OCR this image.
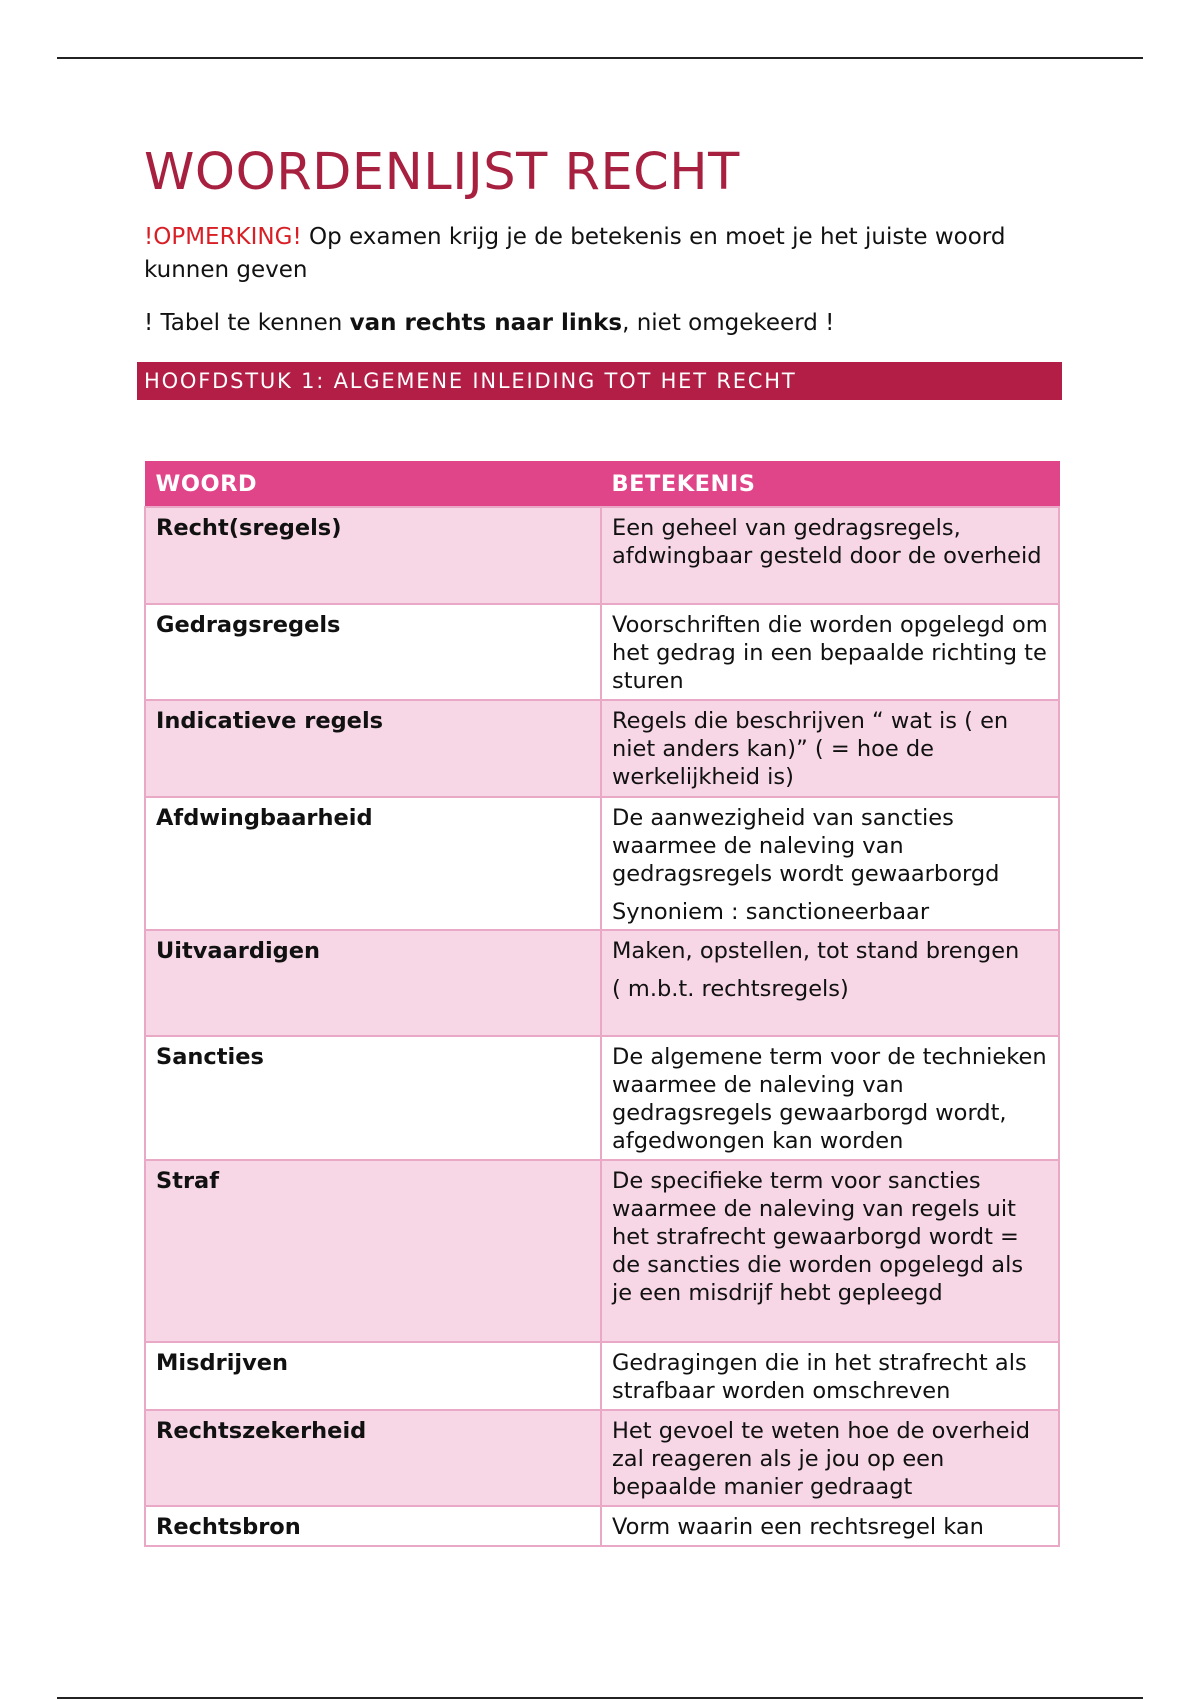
WOORDENLIJST RECHT

!OPMERKING! Op examen krijg je de betekenis en moet je het juiste woord kunnen geven

! Tabel te kennen van rechts naar links, niet omgekeerd !

HOOFDSTUK 1: ALGEMENE INLEIDING TOT HET RECHT
WOORD	BETEKENIS
Recht(sregels)	Een geheel van gedragsregels, afdwingbaar gesteld door de overheid
Gedragsregels	Voorschriften die worden opgelegd om het gedrag in een bepaalde richting te sturen
Indicatieve regels	Regels die beschrijven “ wat is ( en niet anders kan)” ( = hoe de werkelijkheid is)
Afdwingbaarheid	De aanwezigheid van sancties waarmee de naleving van gedragsregels wordt gewaarborgd
Synoniem : sanctioneerbaar

Uitvaardigen	Maken, opstellen, tot stand brengen
( m.b.t. rechtsregels)

Sancties	De algemene term voor de technieken waarmee de naleving van gedragsregels gewaarborgd wordt, afgedwongen kan worden
Straf	De specifieke term voor sancties waarmee de naleving van regels uit het strafrecht gewaarborgd wordt = de sancties die worden opgelegd als je een misdrijf hebt gepleegd
Misdrijven	Gedragingen die in het strafrecht als strafbaar worden omschreven
Rechtszekerheid	Het gevoel te weten hoe de overheid zal reageren als je jou op een bepaalde manier gedraagt
Rechtsbron	Vorm waarin een rechtsregel kan
